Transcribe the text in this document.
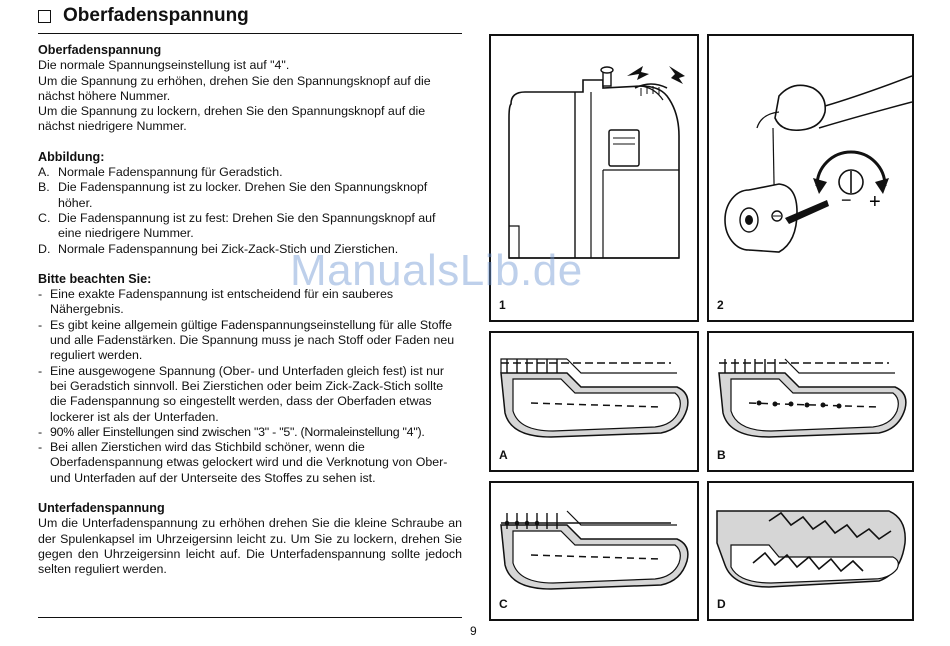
Oberfadenspannung
Oberfadenspannung

Die normale Spannungseinstellung ist auf "4".

Um die Spannung zu erhöhen, drehen Sie den Spannungsknopf auf die nächst höhere Nummer.

Um die Spannung zu lockern, drehen Sie den Spannungsknopf auf die nächst niedrigere Nummer.

Abbildung:
A. Normale Fadenspannung für Geradstich.
B. Die Fadenspannung ist zu locker. Drehen Sie den Spannungsknopf höher.
C. Die Fadenspannung ist zu fest: Drehen Sie den Spannungsknopf auf eine niedrigere Nummer.
D. Normale Fadenspannung bei Zick-Zack-Stich und Zierstichen.
Bitte beachten Sie:
- Eine exakte Fadenspannung ist entscheidend für ein sauberes Nähergebnis.
- Es gibt keine allgemein gültige Fadenspannungseinstellung für alle Stoffe und alle Fadenstärken. Die Spannung muss je nach Stoff oder Faden neu reguliert werden.
- Eine ausgewogene Spannung (Ober- und Unterfaden gleich fest) ist nur bei Geradstich sinnvoll. Bei Zierstichen oder beim Zick-Zack-Stich sollte die Fadenspannung so eingestellt werden, dass der Oberfaden etwas lockerer ist als der Unterfaden.
- 90% aller Einstellungen sind zwischen "3" - "5". (Normaleinstellung "4").
- Bei allen Zierstichen wird das Stichbild schöner, wenn die Oberfadenspannung etwas gelockert wird und die Verknotung von Ober- und Unterfaden auf der Unterseite des Stoffes zu sehen ist.
Unterfadenspannung

Um die Unterfadenspannung zu erhöhen drehen Sie die kleine Schraube an der Spulenkapsel im Uhrzeigersinn leicht zu. Um Sie zu lockern, drehen Sie gegen den Uhrzeigersinn leicht auf. Die Unterfadenspannung sollte jedoch selten reguliert werden.

9
1
− +
2
A	B
C	D
ManualsLib.de
